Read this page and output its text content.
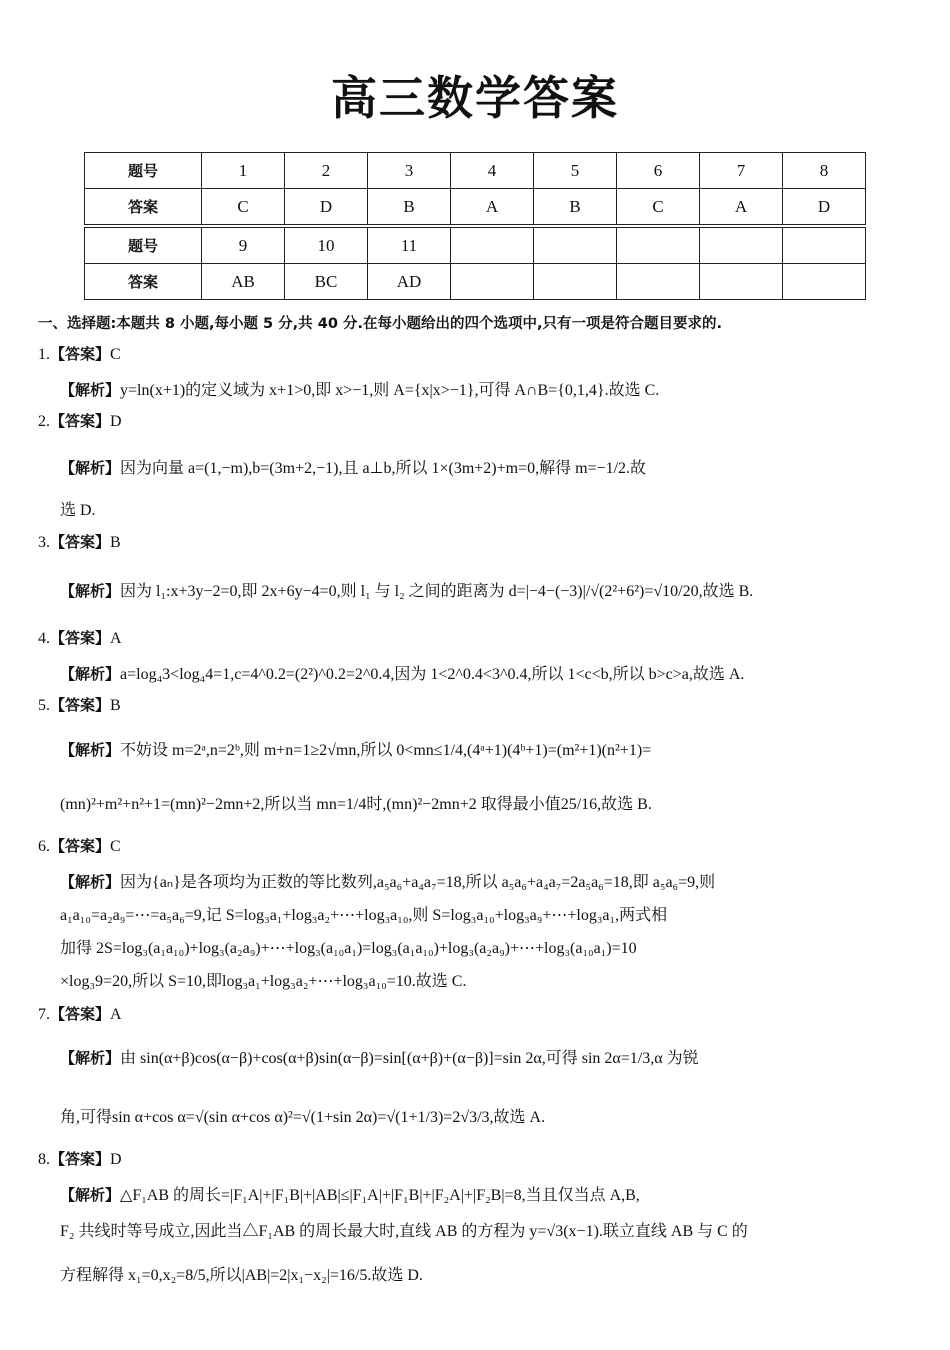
高三数学答案
题号	1	2	3	4	5	6	7	8
答案	C	D	B	A	B	C	A	D
题号	9	10	11					
答案	AB	BC	AD					
一、选择题:本题共 8 小题,每小题 5 分,共 40 分.在每小题给出的四个选项中,只有一项是符合题目要求的.
1.【答案】C
【解析】y=ln(x+1)的定义域为 x+1>0,即 x>−1,则 A={x|x>−1},可得 A∩B={0,1,4}.故选 C.
2.【答案】D
【解析】因为向量 a=(1,−m),b=(3m+2,−1),且 a⊥b,所以 1×(3m+2)+m=0,解得 m=−1/2.故
选 D.
3.【答案】B
【解析】因为 l₁:x+3y−2=0,即 2x+6y−4=0,则 l₁ 与 l₂ 之间的距离为 d=|−4−(−3)|/√(2²+6²)=√10/20,故选 B.
4.【答案】A
【解析】a=log₄3<log₄4=1,c=4^0.2=(2²)^0.2=2^0.4,因为 1<2^0.4<3^0.4,所以 1<c<b,所以 b>c>a,故选 A.
5.【答案】B
【解析】不妨设 m=2ᵃ,n=2ᵇ,则 m+n=1≥2√mn,所以 0<mn≤1/4,(4ᵃ+1)(4ᵇ+1)=(m²+1)(n²+1)=
(mn)²+m²+n²+1=(mn)²−2mn+2,所以当 mn=1/4时,(mn)²−2mn+2 取得最小值25/16,故选 B.
6.【答案】C
【解析】因为{aₙ}是各项均为正数的等比数列,a₅a₆+a₄a₇=18,所以 a₅a₆+a₄a₇=2a₅a₆=18,即 a₅a₆=9,则
a₁a₁₀=a₂a₉=⋯=a₅a₆=9,记 S=log₃a₁+log₃a₂+⋯+log₃a₁₀,则 S=log₃a₁₀+log₃a₉+⋯+log₃a₁,两式相
加得 2S=log₃(a₁a₁₀)+log₃(a₂a₉)+⋯+log₃(a₁₀a₁)=log₃(a₁a₁₀)+log₃(a₂a₉)+⋯+log₃(a₁₀a₁)=10
×log₃9=20,所以 S=10,即log₃a₁+log₃a₂+⋯+log₃a₁₀=10.故选 C.
7.【答案】A
【解析】由 sin(α+β)cos(α−β)+cos(α+β)sin(α−β)=sin[(α+β)+(α−β)]=sin 2α,可得 sin 2α=1/3,α 为锐
角,可得sin α+cos α=√(sin α+cos α)²=√(1+sin 2α)=√(1+1/3)=2√3/3,故选 A.
8.【答案】D
【解析】△F₁AB 的周长=|F₁A|+|F₁B|+|AB|≤|F₁A|+|F₁B|+|F₂A|+|F₂B|=8,当且仅当点 A,B,
F₂ 共线时等号成立,因此当△F₁AB 的周长最大时,直线 AB 的方程为 y=√3(x−1).联立直线 AB 与 C 的
方程解得 x₁=0,x₂=8/5,所以|AB|=2|x₁−x₂|=16/5.故选 D.
